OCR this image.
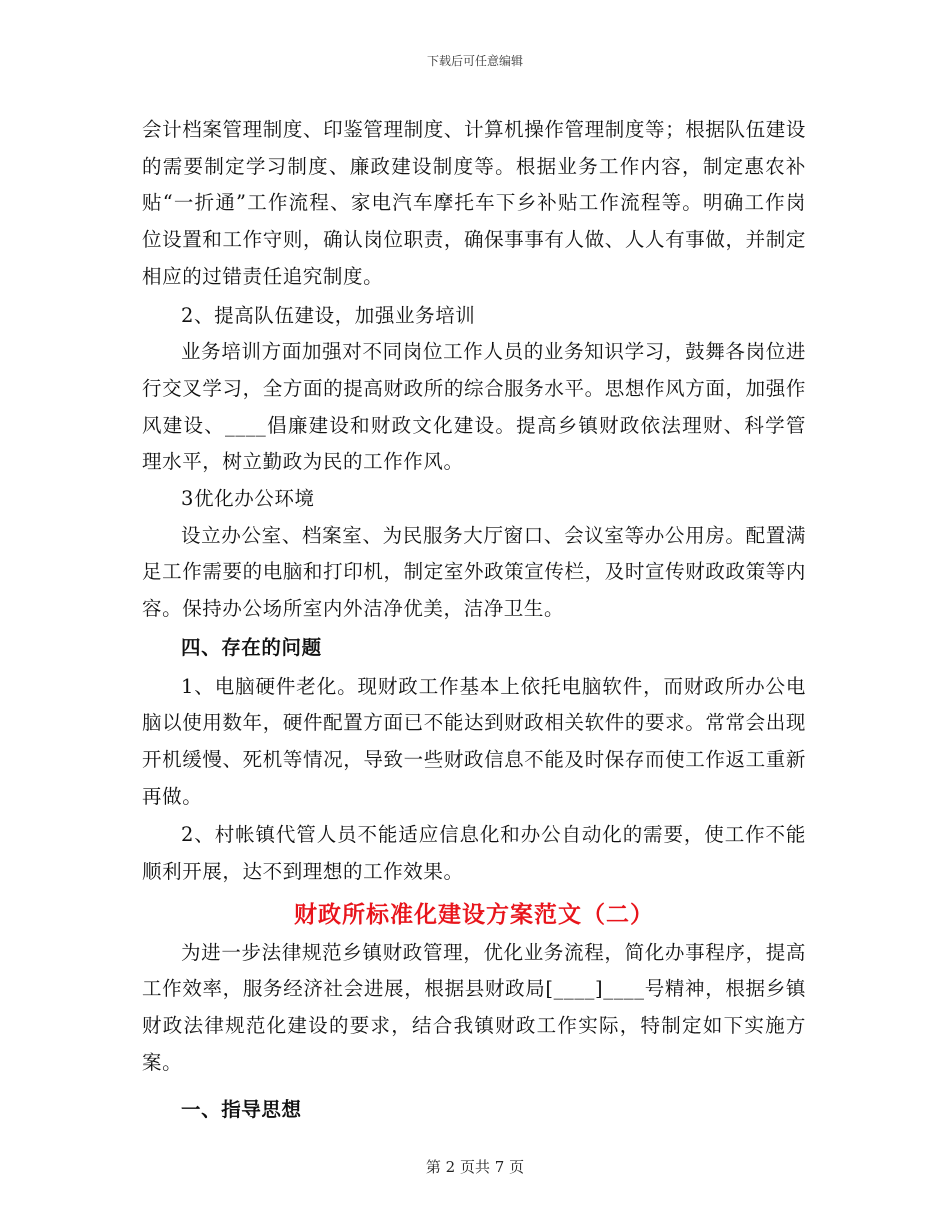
下载后可任意编辑

会计档案管理制度、印鉴管理制度、计算机操作管理制度等；根据队伍建设的需要制定学习制度、廉政建设制度等。根据业务工作内容，制定惠农补贴“一折通”工作流程、家电汽车摩托车下乡补贴工作流程等。明确工作岗位设置和工作守则，确认岗位职责，确保事事有人做、人人有事做，并制定相应的过错责任追究制度。

2、提高队伍建设，加强业务培训

业务培训方面加强对不同岗位工作人员的业务知识学习，鼓舞各岗位进行交叉学习，全方面的提高财政所的综合服务水平。思想作风方面，加强作风建设、____倡廉建设和财政文化建设。提高乡镇财政依法理财、科学管理水平，树立勤政为民的工作作风。

3优化办公环境

设立办公室、档案室、为民服务大厅窗口、会议室等办公用房。配置满足工作需要的电脑和打印机，制定室外政策宣传栏，及时宣传财政政策等内容。保持办公场所室内外洁净优美，洁净卫生。

四、存在的问题

1、电脑硬件老化。现财政工作基本上依托电脑软件，而财政所办公电脑以使用数年，硬件配置方面已不能达到财政相关软件的要求。常常会出现开机缓慢、死机等情况，导致一些财政信息不能及时保存而使工作返工重新再做。

2、村帐镇代管人员不能适应信息化和办公自动化的需要，使工作不能顺利开展，达不到理想的工作效果。

财政所标准化建设方案范文（二）

为进一步法律规范乡镇财政管理，优化业务流程，简化办事程序，提高工作效率，服务经济社会进展，根据县财政局[____]____号精神，根据乡镇财政法律规范化建设的要求，结合我镇财政工作实际，特制定如下实施方案。

一、指导思想

第 2 页共 7 页
